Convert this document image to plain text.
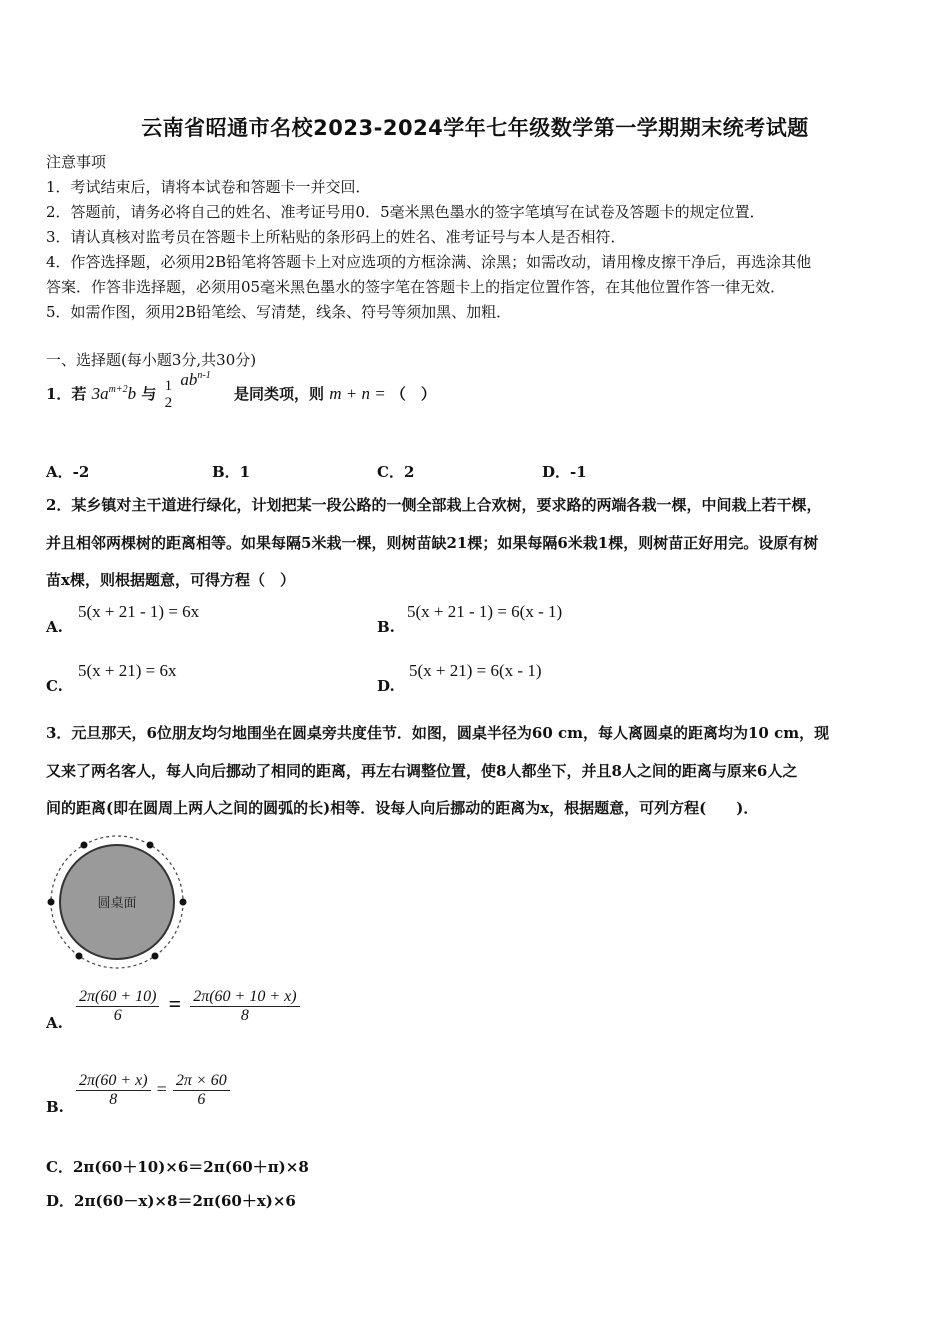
云南省昭通市名校2023-2024学年七年级数学第一学期期末统考试题
注意事项
1．考试结束后，请将本试卷和答题卡一并交回．
2．答题前，请务必将自己的姓名、准考证号用0．5毫米黑色墨水的签字笔填写在试卷及答题卡的规定位置．
3．请认真核对监考员在答题卡上所粘贴的条形码上的姓名、准考证号与本人是否相符．
4．作答选择题，必须用2B铅笔将答题卡上对应选项的方框涂满、涂黑；如需改动，请用橡皮擦干净后，再选涂其他
答案．作答非选择题，必须用05毫米黑色墨水的签字笔在答题卡上的指定位置作答，在其他位置作答一律无效．
5．如需作图，须用2B铅笔绘、写清楚，线条、符号等须加黑、加粗．
一、选择题(每小题3分,共30分)
1．若 $3a^{m+2}b$ 与 1
2
$ab^{n-1}$ 是同类项，则 m + n = （　）
A．-2	B．1	C．2	D．-1
2．某乡镇对主干道进行绿化，计划把某一段公路的一侧全部栽上合欢树，要求路的两端各栽一棵，中间栽上若干棵，
并且相邻两棵树的距离相等。如果每隔5米栽一棵，则树苗缺21棵；如果每隔6米栽1棵，则树苗正好用完。设原有树
苗x棵，则根据题意，可得方程（　）
A.
5(x + 21 - 1) = 6x
B.
5(x + 21 - 1) = 6(x - 1)
C.
5(x + 21) = 6x
D.
5(x + 21) = 6(x - 1)
3．元旦那天，6位朋友均匀地围坐在圆桌旁共度佳节．如图，圆桌半径为60 cm，每人离圆桌的距离均为10 cm，现
又来了两名客人，每人向后挪动了相同的距离，再左右调整位置，使8人都坐下，并且8人之间的距离与原来6人之
间的距离(即在圆周上两人之间的圆弧的长)相等．设每人向后挪动的距离为x，根据题意，可列方程(　　)．
圆桌面
A. $\frac{2\pi(60 + 10)}{6} = \frac{2\pi(60 + 10 + x)}{8}$
B. $\frac{2\pi(60 + x)}{8} = \frac{2\pi \times 60}{6}$
C．2π(60＋10)×6＝2π(60＋π)×8
D．2π(60－x)×8＝2π(60＋x)×6
